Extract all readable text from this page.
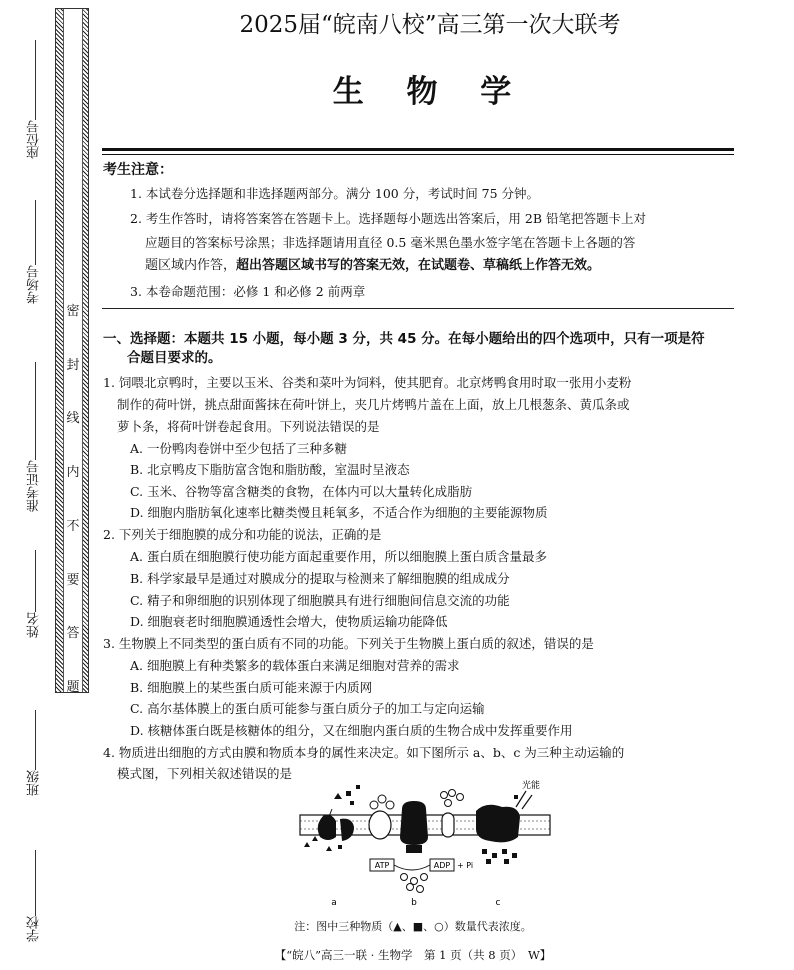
座位号
考场号
准考证号
姓名
班级
学校
密
封
线
内
不
要
答
题
2025届“皖南八校”高三第一次大联考
生 物 学
考生注意：
1. 本试卷分选择题和非选择题两部分。满分 100 分，考试时间 75 分钟。
2. 考生作答时，请将答案答在答题卡上。选择题每小题选出答案后，用 2B 铅笔把答题卡上对
应题目的答案标号涂黑；非选择题请用直径 0.5 毫米黑色墨水签字笔在答题卡上各题的答
题区域内作答，超出答题区域书写的答案无效，在试题卷、草稿纸上作答无效。
3. 本卷命题范围：必修 1 和必修 2 前两章
一、选择题：本题共 15 小题，每小题 3 分，共 45 分。在每小题给出的四个选项中，只有一项是符
合题目要求的。
1. 饲喂北京鸭时，主要以玉米、谷类和菜叶为饲料，使其肥育。北京烤鸭食用时取一张用小麦粉
制作的荷叶饼，挑点甜面酱抹在荷叶饼上，夹几片烤鸭片盖在上面，放上几根葱条、黄瓜条或
萝卜条，将荷叶饼卷起食用。下列说法错误的是
A. 一份鸭肉卷饼中至少包括了三种多糖
B. 北京鸭皮下脂肪富含饱和脂肪酸，室温时呈液态
C. 玉米、谷物等富含糖类的食物，在体内可以大量转化成脂肪
D. 细胞内脂肪氧化速率比糖类慢且耗氧多，不适合作为细胞的主要能源物质
2. 下列关于细胞膜的成分和功能的说法，正确的是
A. 蛋白质在细胞膜行使功能方面起重要作用，所以细胞膜上蛋白质含量最多
B. 科学家最早是通过对膜成分的提取与检测来了解细胞膜的组成成分
C. 精子和卵细胞的识别体现了细胞膜具有进行细胞间信息交流的功能
D. 细胞衰老时细胞膜通透性会增大，使物质运输功能降低
3. 生物膜上不同类型的蛋白质有不同的功能。下列关于生物膜上蛋白质的叙述，错误的是
A. 细胞膜上有种类繁多的载体蛋白来满足细胞对营养的需求
B. 细胞膜上的某些蛋白质可能来源于内质网
C. 高尔基体膜上的蛋白质可能参与蛋白质分子的加工与定向运输
D. 核糖体蛋白既是核糖体的组分，又在细胞内蛋白质的生物合成中发挥重要作用
4. 物质进出细胞的方式由膜和物质本身的属性来决定。如下图所示 a、b、c 为三种主动运输的
模式图，下列相关叙述错误的是
ATP	ADP + Pi
光能
a	b	c
注：图中三种物质（▲、■、○）数量代表浓度。
【“皖八”高三一联 · 生物学　第 1 页（共 8 页）　W】
